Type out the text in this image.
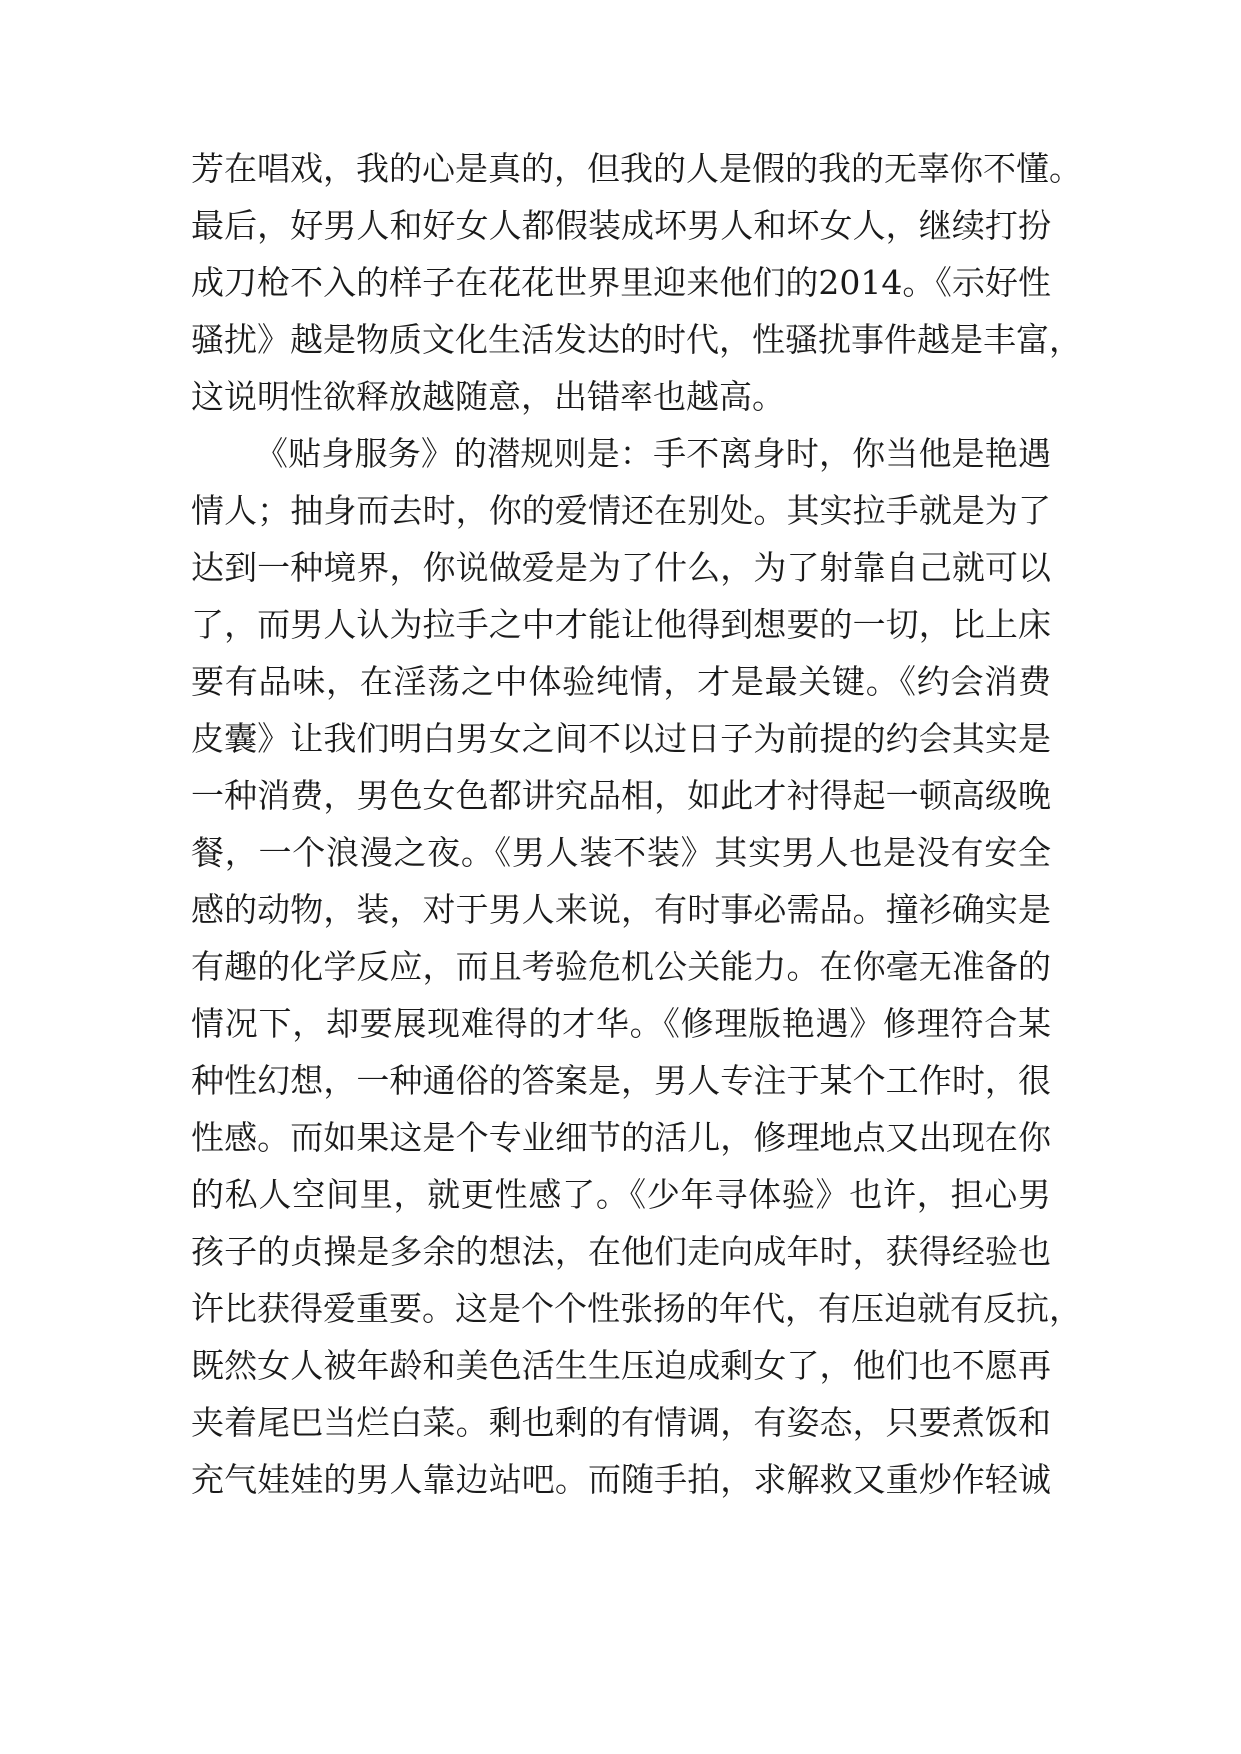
芳在唱戏，我的心是真的，但我的人是假的我的无辜你不懂。
最后，好男人和好女人都假装成坏男人和坏女人，继续打扮
成刀枪不入的样子在花花世界里迎来他们的2014。《示好性
骚扰》越是物质文化生活发达的时代，性骚扰事件越是丰富，
这说明性欲释放越随意，出错率也越高。
《贴身服务》的潜规则是：手不离身时，你当他是艳遇
情人；抽身而去时，你的爱情还在别处。其实拉手就是为了
达到一种境界，你说做爱是为了什么，为了射靠自己就可以
了，而男人认为拉手之中才能让他得到想要的一切，比上床
要有品味，在淫荡之中体验纯情，才是最关键。《约会消费
皮囊》让我们明白男女之间不以过日子为前提的约会其实是
一种消费，男色女色都讲究品相，如此才衬得起一顿高级晚
餐，一个浪漫之夜。《男人装不装》其实男人也是没有安全
感的动物，装，对于男人来说，有时事必需品。撞衫确实是
有趣的化学反应，而且考验危机公关能力。在你毫无准备的
情况下，却要展现难得的才华。《修理版艳遇》修理符合某
种性幻想，一种通俗的答案是，男人专注于某个工作时，很
性感。而如果这是个专业细节的活儿，修理地点又出现在你
的私人空间里，就更性感了。《少年寻体验》也许，担心男
孩子的贞操是多余的想法，在他们走向成年时，获得经验也
许比获得爱重要。这是个个性张扬的年代，有压迫就有反抗，
既然女人被年龄和美色活生生压迫成剩女了，他们也不愿再
夹着尾巴当烂白菜。剩也剩的有情调，有姿态，只要煮饭和
充气娃娃的男人靠边站吧。而随手拍，求解救又重炒作轻诚
